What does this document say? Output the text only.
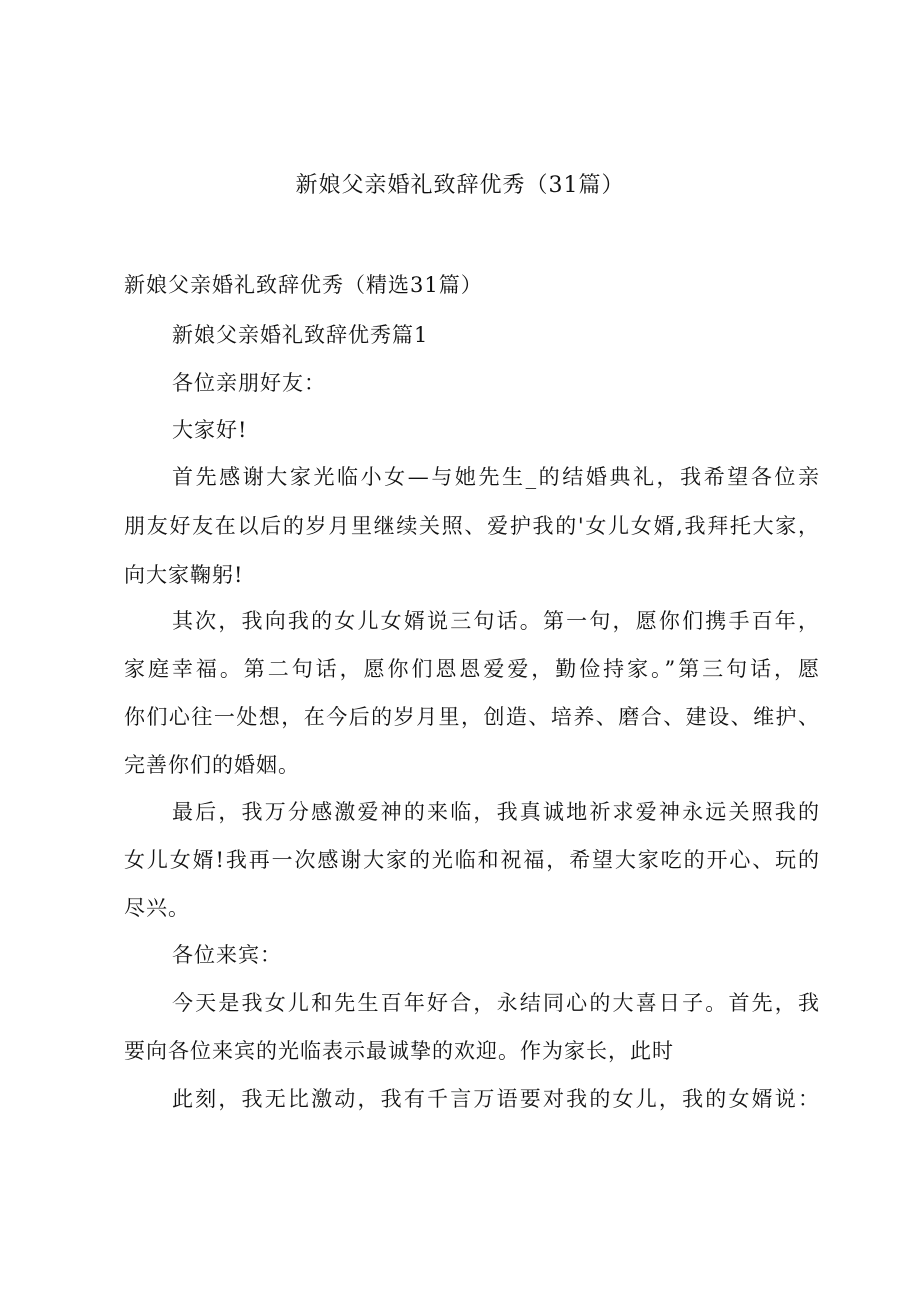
新娘父亲婚礼致辞优秀（31篇）
新娘父亲婚礼致辞优秀（精选31篇）
新娘父亲婚礼致辞优秀篇1
各位亲朋好友：
大家好!
首先感谢大家光临小女—与她先生_的结婚典礼，我希望各位亲
朋友好友在以后的岁月里继续关照、爱护我的'女儿女婿,我拜托大家，
向大家鞠躬!
其次，我向我的女儿女婿说三句话。第一句，愿你们携手百年，
家庭幸福。第二句话，愿你们恩恩爱爱，勤俭持家。”第三句话，愿
你们心往一处想，在今后的岁月里，创造、培养、磨合、建设、维护、
完善你们的婚姻。
最后，我万分感激爱神的来临，我真诚地祈求爱神永远关照我的
女儿女婿!我再一次感谢大家的光临和祝福，希望大家吃的开心、玩的
尽兴。
各位来宾：
今天是我女儿和先生百年好合，永结同心的大喜日子。首先，我
要向各位来宾的光临表示最诚挚的欢迎。作为家长，此时
此刻，我无比激动，我有千言万语要对我的女儿，我的女婿说：
